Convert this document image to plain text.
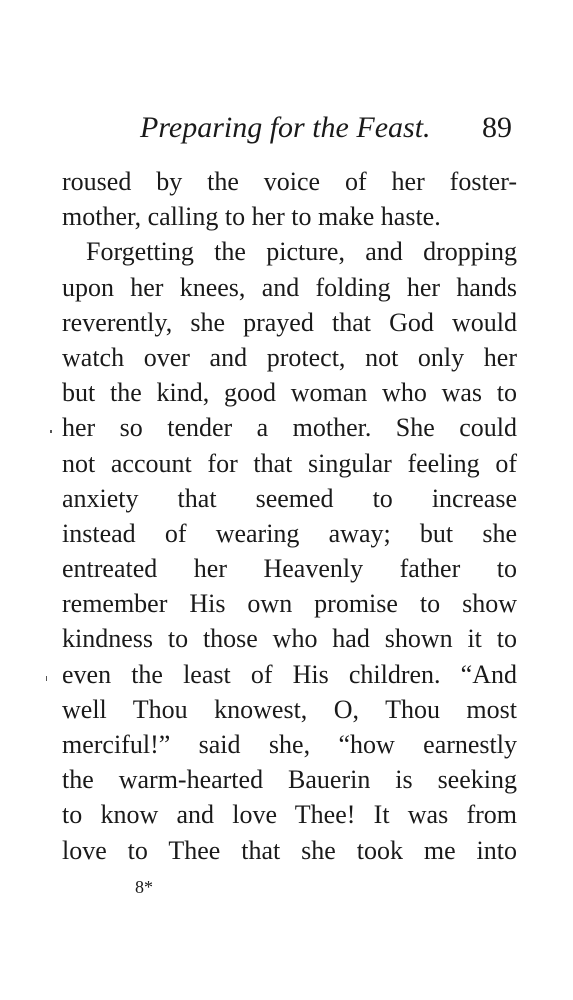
Preparing for the Feast. 89
roused by the voice of her foster-
mother, calling to her to make haste.
Forgetting the picture, and dropping
upon her knees, and folding her hands
reverently, she prayed that God would
watch over and protect, not only her
but the kind, good woman who was to
her so tender a mother. She could
not account for that singular feeling of
anxiety that seemed to increase
instead of wearing away; but she
entreated her Heavenly father to
remember His own promise to show
kindness to those who had shown it to
even the least of His children. “And
well Thou knowest, O, Thou most
merciful!” said she, “how earnestly
the warm-hearted Bauerin is seeking
to know and love Thee! It was from
love to Thee that she took me into
8*
